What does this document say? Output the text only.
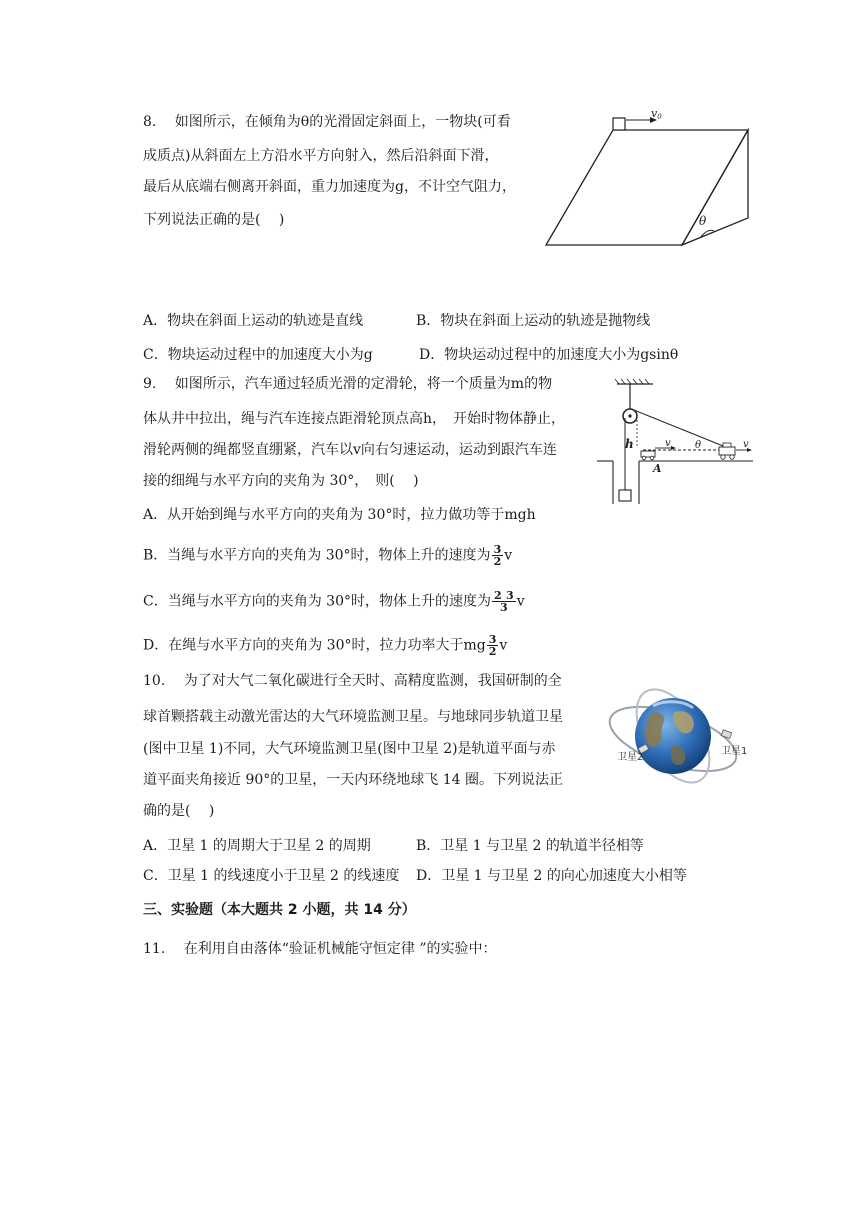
8.　 如图所示，在倾角为θ的光滑固定斜面上，一物块(可看
成质点)从斜面左上方沿水平方向射入，然后沿斜面下滑，
最后从底端右侧离开斜面，重力加速度为g，不计空气阻力，
下列说法正确的是(　 )
v0
θ
A．物块在斜面上运动的轨迹是直线	B．物块在斜面上运动的轨迹是抛物线
C．物块运动过程中的加速度大小为g	D．物块运动过程中的加速度大小为gsinθ
9.　 如图所示，汽车通过轻质光滑的定滑轮，将一个质量为m的物
体从井中拉出，绳与汽车连接点距滑轮顶点高h，　开始时物体静止，
滑轮两侧的绳都竖直绷紧，汽车以v向右匀速运动，运动到跟汽车连
接的细绳与水平方向的夹角为 30°，　则(　 )
h	v
A
θ	v
A．从开始到绳与水平方向的夹角为 30°时，拉力做功等于mgh
B．当绳与水平方向的夹角为 30°时，物体上升的速度为 $\frac{3}{2}$ v
C．当绳与水平方向的夹角为 30°时，物体上升的速度为 $\frac{2 3}{3}$ v
D．在绳与水平方向的夹角为 30°时，拉力功率大于mg $\frac{3}{2}$ v
10.　 为了对大气二氧化碳进行全天时、高精度监测，我国研制的全
球首颗搭载主动激光雷达的大气环境监测卫星。与地球同步轨道卫星
(图中卫星 1)不同，大气环境监测卫星(图中卫星 2)是轨道平面与赤
道平面夹角接近 90°的卫星，一天内环绕地球飞 14 圈。下列说法正
确的是(　 )
卫星2
卫星1
A．卫星 1 的周期大于卫星 2 的周期	B．卫星 1 与卫星 2 的轨道半径相等
C．卫星 1 的线速度小于卫星 2 的线速度 D．卫星 1 与卫星 2 的向心加速度大小相等
三、实验题（本大题共 2 小题，共 14 分）
11.　 在利用自由落体“验证机械能守恒定律 ”的实验中：
